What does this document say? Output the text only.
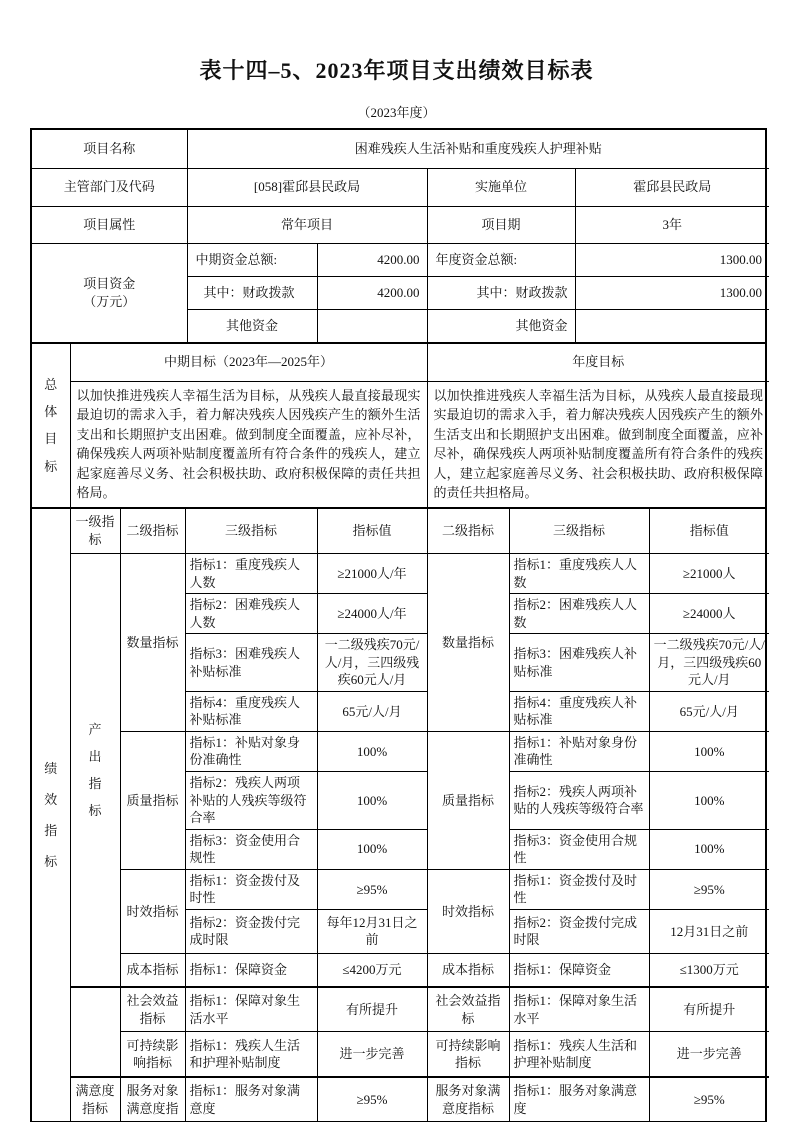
表十四–5、2023年项目支出绩效目标表
（2023年度）
项目名称	困难残疾人生活补贴和重度残疾人护理补贴			
主管部门及代码	[058]霍邱县民政局		实施单位	霍邱县民政局
项目属性	常年项目		项目期	3年

项目资金
（万元）	中期资金总额:	4200.00	年度资金总额:	1300.00
	其中：财政拨款	4200.00	其中：财政拨款	1300.00
	其他资金		其他资金	
总体目标	中期目标（2023年—2025年）	年度目标
	以加快推进残疾人幸福生活为目标，从残疾人最直接最现实最迫切的需求入手，着力解决残疾人因残疾产生的额外生活支出和长期照护支出困难。做到制度全面覆盖，应补尽补，确保残疾人两项补贴制度覆盖所有符合条件的残疾人，建立起家庭善尽义务、社会积极扶助、政府积极保障的责任共担格局。	以加快推进残疾人幸福生活为目标，从残疾人最直接最现实最迫切的需求入手，着力解决残疾人因残疾产生的额外生活支出和长期照护支出困难。做到制度全面覆盖，应补尽补，确保残疾人两项补贴制度覆盖所有符合条件的残疾人，建立起家庭善尽义务、社会积极扶助、政府积极保障的责任共担格局。
绩效指标	一级指标	二级指标	三级指标	指标值	二级指标	三级指标	指标值

	产出指标	数量指标	指标1：重度残疾人人数	≥21000人/年	数量指标	指标1：重度残疾人人数	≥21000人
			指标2：困难残疾人人数	≥24000人/年		指标2：困难残疾人人数	≥24000人
			指标3：困难残疾人补贴标准	一二级残疾70元/人/月，三四级残疾60元人/月		指标3：困难残疾人补贴标准	一二级残疾70元/人/月，三四级残疾60元人/月
			指标4：重度残疾人补贴标准	65元/人/月		指标4：重度残疾人补贴标准	65元/人/月
		质量指标	指标1：补贴对象身份准确性	100%	质量指标	指标1：补贴对象身份准确性	100%
			指标2：残疾人两项补贴的人残疾等级符合率	100%		指标2：残疾人两项补贴的人残疾等级符合率	100%
			指标3：资金使用合规性	100%		指标3：资金使用合规性	100%
		时效指标	指标1：资金拨付及时性	≥95%	时效指标	指标1：资金拨付及时性	≥95%
			指标2：资金拨付完成时限	每年12月31日之前		指标2：资金拨付完成时限	12月31日之前
		成本指标	指标1：保障资金	≤4200万元	成本指标	指标1：保障资金	≤1300万元
		社会效益指标	指标1：保障对象生活水平	有所提升	社会效益指标	指标1：保障对象生活水平	有所提升
		可持续影响指标	指标1：残疾人生活和护理补贴制度	进一步完善	可持续影响指标	指标1：残疾人生活和护理补贴制度	进一步完善
	满意度指标	服务对象满意度指	指标1：服务对象满意度	≥95%	服务对象满意度指标	指标1：服务对象满意度	≥95%
